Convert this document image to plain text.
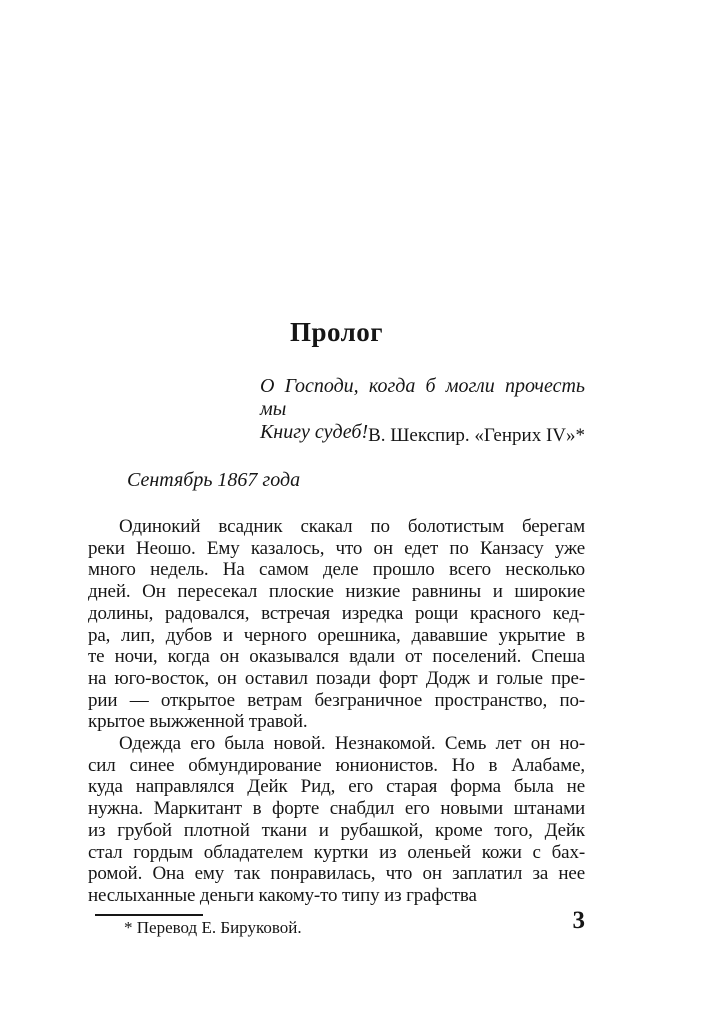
Пролог
О Господи, когда б могли прочесть мы
Книгу судеб! В. Шекспир. «Генрих IV»*
Сентябрь 1867 года
Одинокий всадник скакал по болотистым берегам
реки Неошо. Ему казалось, что он едет по Канзасу уже
много недель. На самом деле прошло всего несколько
дней. Он пересекал плоские низкие равнины и широкие
долины, радовался, встречая изредка рощи красного кед-
ра, лип, дубов и черного орешника, дававшие укрытие в
те ночи, когда он оказывался вдали от поселений. Спеша
на юго-восток, он оставил позади форт Додж и голые пре-
рии — открытое ветрам безграничное пространство, по-
крытое выжженной травой.
Одежда его была новой. Незнакомой. Семь лет он но-
сил синее обмундирование юнионистов. Но в Алабаме,
куда направлялся Дейк Рид, его старая форма была не
нужна. Маркитант в форте снабдил его новыми штанами
из грубой плотной ткани и рубашкой, кроме того, Дейк
стал гордым обладателем куртки из оленьей кожи с бах-
ромой. Она ему так понравилась, что он заплатил за нее
неслыханные деньги какому-то типу из графства
* Перевод Е. Бируковой.	3
